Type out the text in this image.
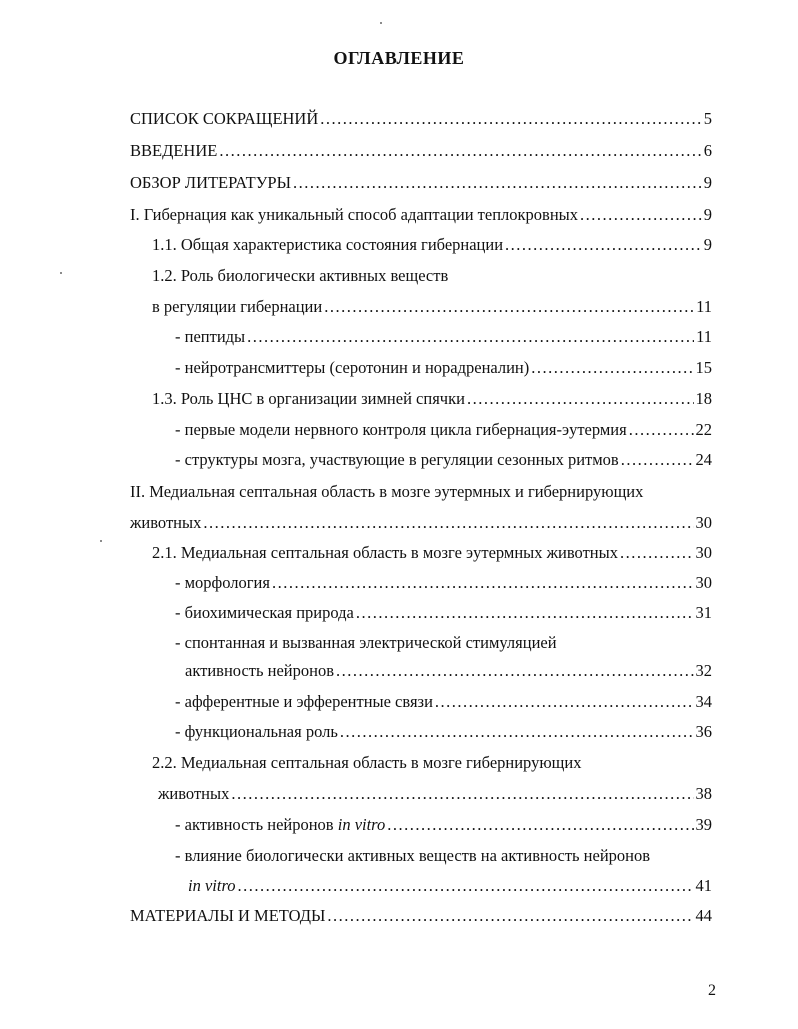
ОГЛАВЛЕНИЕ
СПИСОК СОКРАЩЕНИЙ .....	5
ВВЕДЕНИЕ .....	6
ОБЗОР ЛИТЕРАТУРЫ .....	9
I. Гибернация как уникальный способ адаптации теплокровных .....	9
1.1. Общая характеристика состояния гибернации .....	9
1.2. Роль биологически активных веществ
в регуляции гибернации .....	11
- пептиды .....	11
- нейротрансмиттеры (серотонин и норадреналин) .....	15
1.3. Роль ЦНС в организации зимней спячки .....	18
- первые модели нервного контроля цикла гибернация-эутермия .....	22
- структуры мозга, участвующие в регуляции сезонных ритмов .....	24
II. Медиальная септальная область в мозге эутермных и гибернирующих
животных .....	30
2.1. Медиальная септальная область в мозге эутермных животных .....	30
- морфология .....	30
- биохимическая природа .....	31
- спонтанная и вызванная электрической стимуляцией
активность нейронов .....	32
- афферентные и эфферентные связи .....	34
- функциональная роль .....	36
2.2. Медиальная септальная область в мозге гибернирующих
животных .....	38
- активность нейронов in vitro .....	39
- влияние биологически активных веществ на активность нейронов
in vitro .....	41
МАТЕРИАЛЫ И МЕТОДЫ .....	44
2
